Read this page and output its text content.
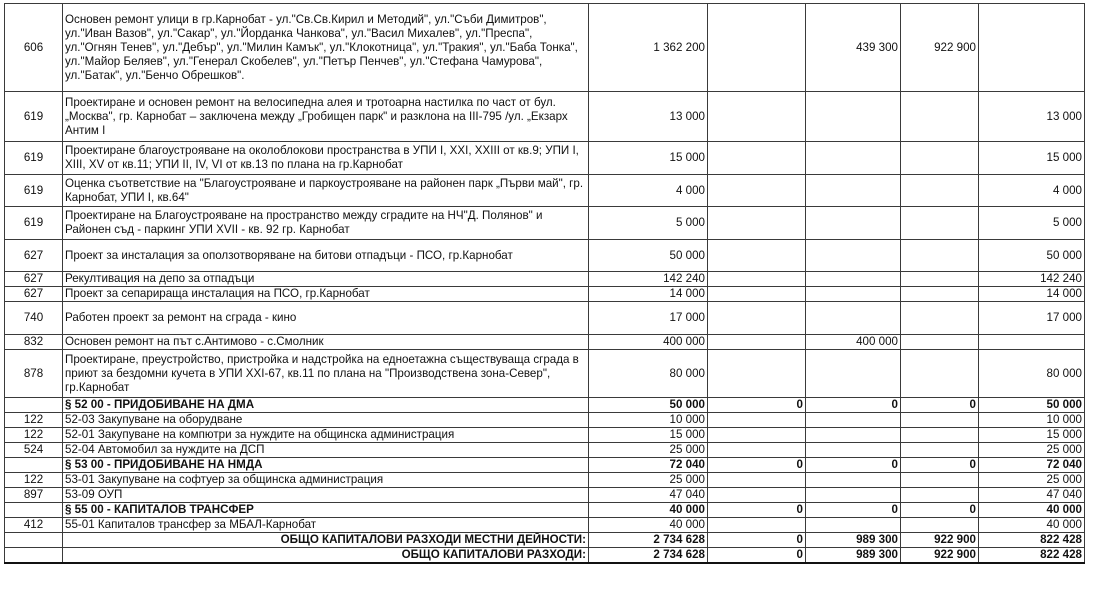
606	Основен ремонт улици в гр.Карнобат - ул."Св.Св.Кирил и Методий", ул."Съби Димитров", ул."Иван Вазов", ул."Сакар", ул."Йорданка Чанкова", ул."Васил Михалев", ул."Преспа", ул."Огнян Тенев", ул."Дебър", ул."Милин Камък", ул."Клокотница", ул."Тракия", ул."Баба Тонка", ул."Майор Беляев", ул."Генерал Скобелев", ул."Петър Пенчев", ул."Стефана Чамурова", ул."Батак", ул."Бенчо Обрешков".	1 362 200		439 300	922 900	
619	Проектиране и основен ремонт на велосипедна алея и тротоарна настилка по част от бул. „Москва", гр. Карнобат – заключена между „Гробищен парк" и разклона на III-795 /ул. „Екзарх Антим І	13 000				13 000
619	Проектиране благоустрояване на околоблокови пространства в УПИ І, ХХІ, ХХІІІ от кв.9; УПИ І, ХІІІ, ХV от кв.11; УПИ ІІ, ІV, VІ от кв.13 по плана на гр.Карнобат	15 000				15 000
619	Оценка съответствие на "Благоустрояване и паркоустрояване на районен парк „Първи май", гр. Карнобат, УПИ І, кв.64"	4 000				4 000
619	Проектиране на Благоустрояване на пространство между сградите на НЧ"Д. Полянов" и Районен съд - паркинг УПИ ХVІІ - кв. 92 гр. Карнобат	5 000				5 000
627	Проект за инсталация за оползотворяване на битови отпадъци - ПСО, гр.Карнобат	50 000				50 000
627	Рекултивация на депо за отпадъци	142 240				142 240
627	Проект за сепарираща инсталация на ПСО, гр.Карнобат	14 000				14 000
740	Работен проект за ремонт на сграда - кино	17 000				17 000
832	Основен ремонт на път с.Антимово - с.Смолник	400 000		400 000		
878	Проектиране, преустройство, пристройка и надстройка на едноетажна съществуваща сграда в приют за бездомни кучета в УПИ ХХІ-67, кв.11 по плана на "Производствена зона-Север", гр.Карнобат	80 000				80 000
	§ 52 00 - ПРИДОБИВАНЕ НА ДМА	50 000	0	0	0	50 000
122	52-03 Закупуване на оборудване	10 000				10 000
122	52-01 Закупуване на компютри за нуждите на общинска администрация	15 000				15 000
524	52-04 Автомобил за нуждите на ДСП	25 000				25 000
	§ 53 00 - ПРИДОБИВАНЕ НА НМДА	72 040	0	0	0	72 040
122	53-01 Закупуване на софтуер за общинска администрация	25 000				25 000
897	53-09 ОУП	47 040				47 040
	§ 55 00 - КАПИТАЛОВ ТРАНСФЕР	40 000	0	0	0	40 000
412	55-01 Капиталов трансфер за МБАЛ-Карнобат	40 000				40 000
	ОБЩО КАПИТАЛОВИ РАЗХОДИ МЕСТНИ ДЕЙНОСТИ:	2 734 628	0	989 300	922 900	822 428
	ОБЩО КАПИТАЛОВИ РАЗХОДИ:	2 734 628	0	989 300	922 900	822 428
